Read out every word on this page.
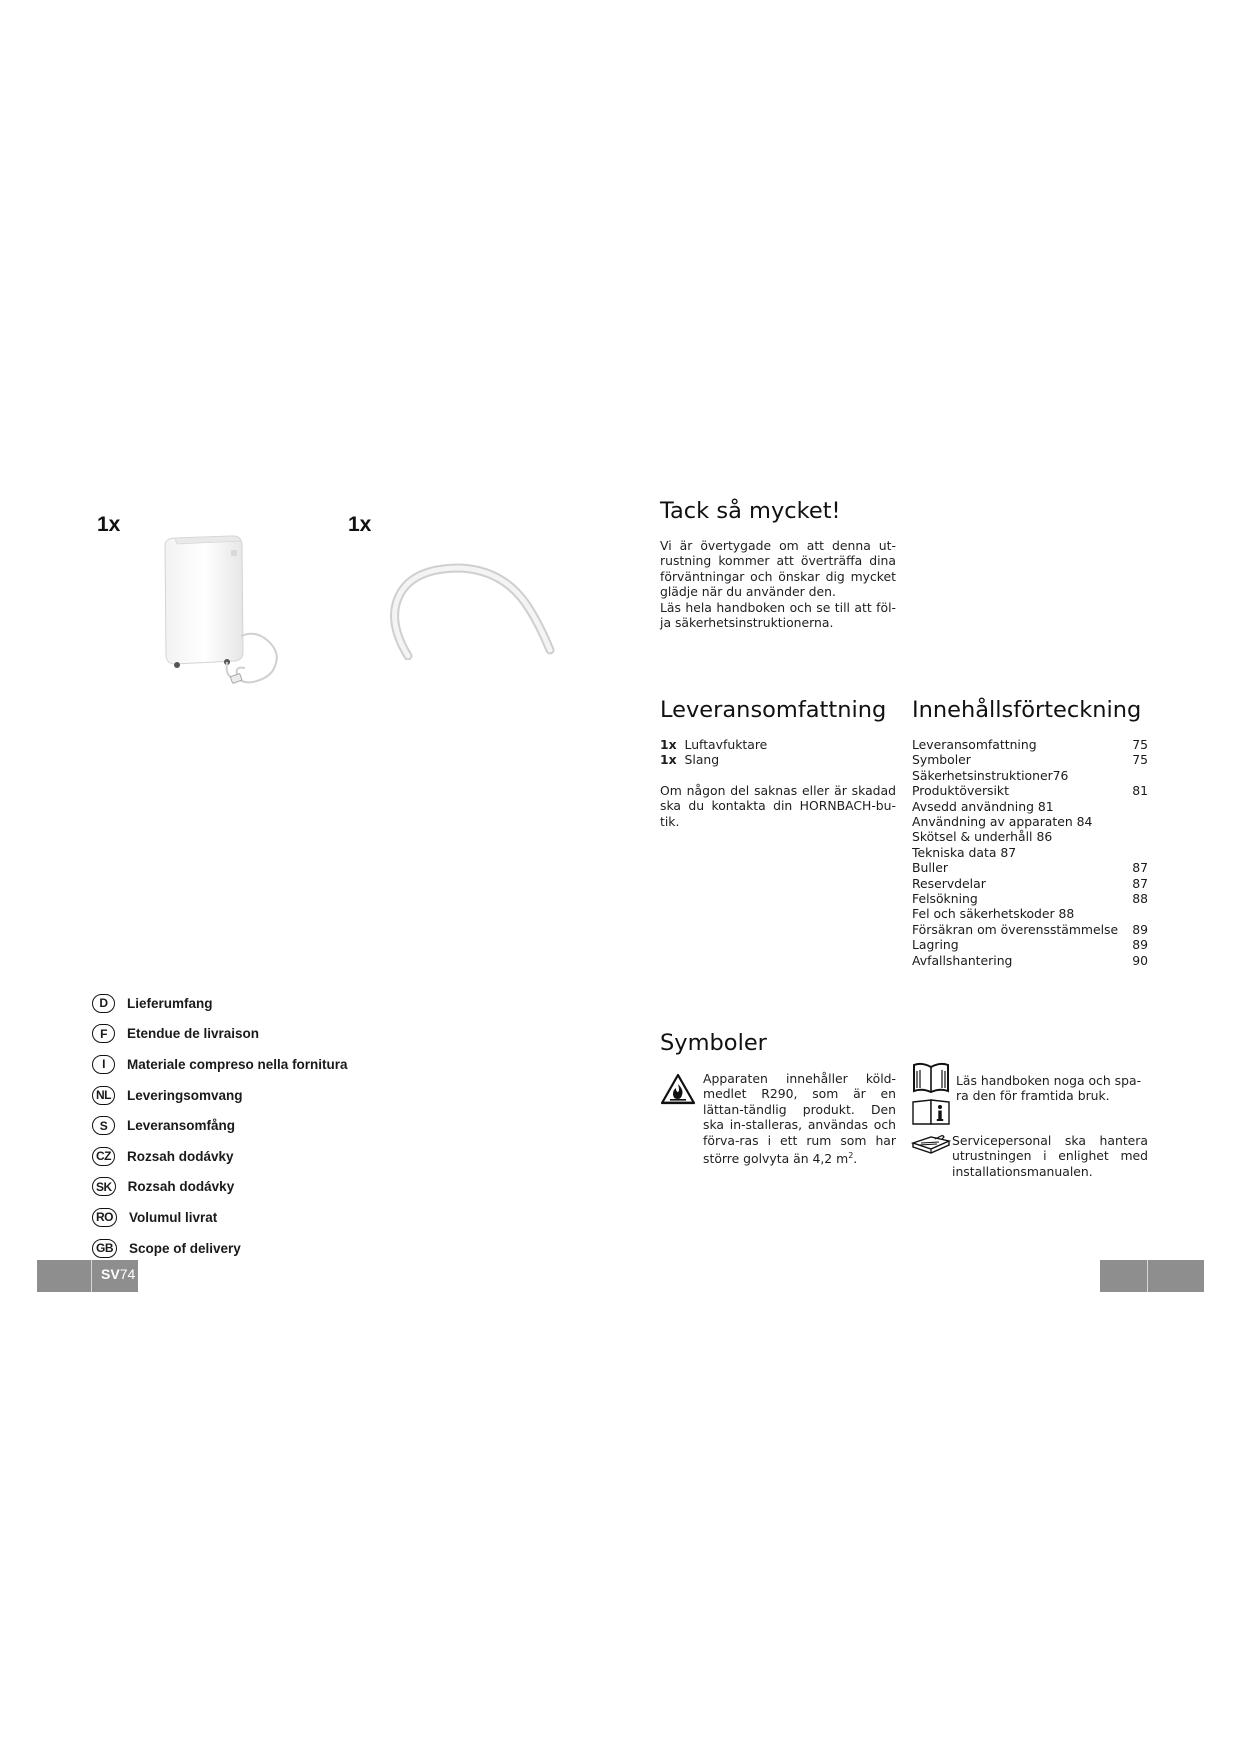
1x	1x
D	Lieferumfang
F	Etendue de livraison
I	Materiale compreso nella fornitura
NL Leveringsomvang
S	Leveransomfång
CZ Rozsah dodávky
SK Rozsah dodávky
RO Volumul livrat
GB Scope of delivery
SV74
Tack så mycket!
Vi är övertygade om att denna ut-rustning kommer att överträffa dina förväntningar och önskar dig mycket glädje när du använder den.
Läs hela handboken och se till att föl-ja säkerhetsinstruktionerna.
Leveransomfattning
1x Luftavfuktare
1x Slang
Om någon del saknas eller är skadad ska du kontakta din HORNBACH-bu-tik.
Innehållsförteckning
Leveransomfattning	75
Symboler	75
Säkerhetsinstruktioner76
Produktöversikt	81
Avsedd användning 81
Användning av apparaten 84
Skötsel & underhåll 86
Tekniska data 87
Buller	87
Reservdelar	87
Felsökning	88
Fel och säkerhetskoder 88
Försäkran om överensstämmelse 89
Lagring	89
Avfallshantering	90
Symboler
Apparaten innehåller köld-medlet R290, som är en lättan-tändlig produkt. Den ska in-stalleras, användas och förva-ras i ett rum som har större golvyta än 4,2 $m^2$.
Läs handboken noga och spa-ra den för framtida bruk.
Servicepersonal ska hantera utrustningen i enlighet med installationsmanualen.
